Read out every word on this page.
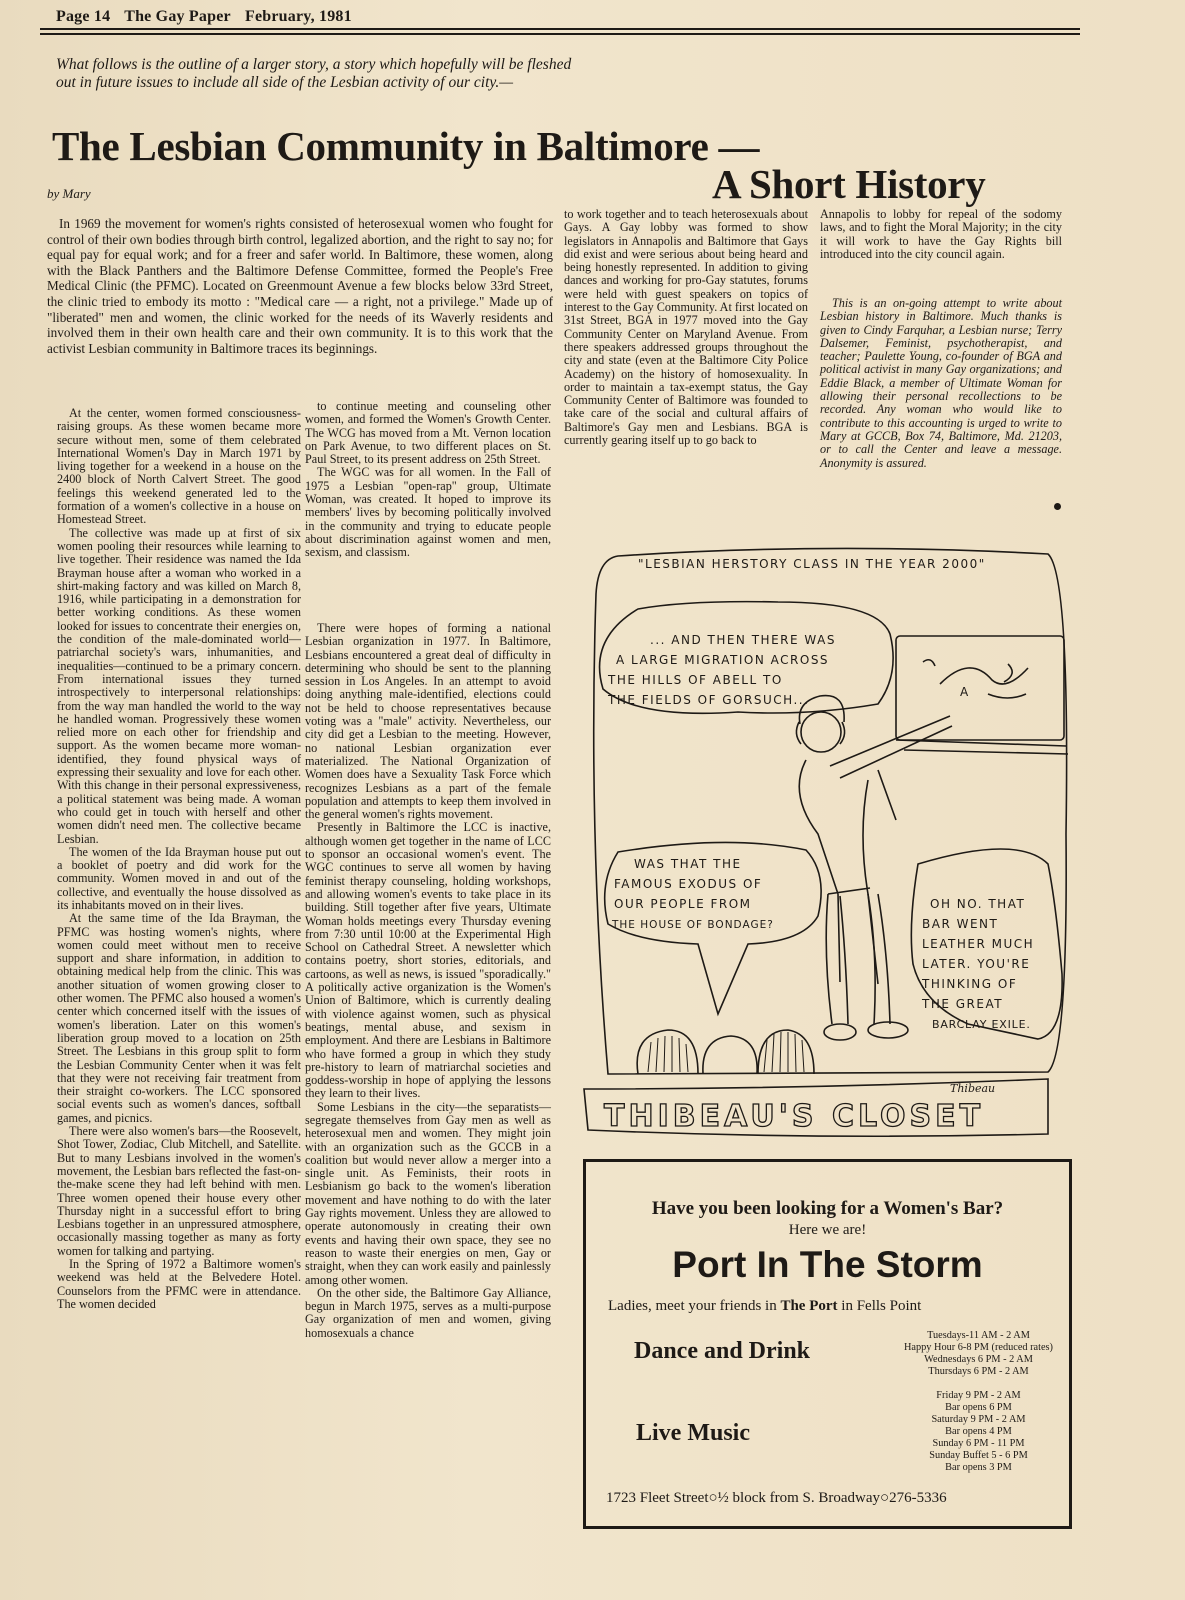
Page 14 The Gay Paper February, 1981
What follows is the outline of a larger story, a story which hopefully will be fleshed out in future issues to include all side of the Lesbian activity of our city.—
The Lesbian Community in Baltimore —
A Short History
by Mary

In 1969 the movement for women's rights consisted of heterosexual women who fought for control of their own bodies through birth control, legalized abortion, and the right to say no; for equal pay for equal work; and for a freer and safer world. In Baltimore, these women, along with the Black Panthers and the Baltimore Defense Committee, formed the People's Free Medical Clinic (the PFMC). Located on Greenmount Avenue a few blocks below 33rd Street, the clinic tried to embody its motto : "Medical care — a right, not a privilege." Made up of "liberated" men and women, the clinic worked for the needs of its Waverly residents and involved them in their own health care and their own community. It is to this work that the activist Lesbian community in Baltimore traces its beginnings.

At the center, women formed consciousness-raising groups. As these women became more secure without men, some of them celebrated International Women's Day in March 1971 by living together for a weekend in a house on the 2400 block of North Calvert Street. The good feelings this weekend generated led to the formation of a women's collective in a house on Homestead Street.

The collective was made up at first of six women pooling their resources while learning to live together. Their residence was named the Ida Brayman house after a woman who worked in a shirt-making factory and was killed on March 8, 1916, while participating in a demonstration for better working conditions. As these women looked for issues to concentrate their energies on, the condition of the male-dominated world—patriarchal society's wars, inhumanities, and inequalities—continued to be a primary concern. From international issues they turned introspectively to interpersonal relationships: from the way man handled the world to the way he handled woman. Progressively these women relied more on each other for friendship and support. As the women became more woman-identified, they found physical ways of expressing their sexuality and love for each other. With this change in their personal expressiveness, a political statement was being made. A woman who could get in touch with herself and other women didn't need men. The collective became Lesbian.

The women of the Ida Brayman house put out a booklet of poetry and did work for the community. Women moved in and out of the collective, and eventually the house dissolved as its inhabitants moved on in their lives.

At the same time of the Ida Brayman, the PFMC was hosting women's nights, where women could meet without men to receive support and share information, in addition to obtaining medical help from the clinic. This was another situation of women growing closer to other women. The PFMC also housed a women's center which concerned itself with the issues of women's liberation. Later on this women's liberation group moved to a location on 25th Street. The Lesbians in this group split to form the Lesbian Community Center when it was felt that they were not receiving fair treatment from their straight co-workers. The LCC sponsored social events such as women's dances, softball games, and picnics.

There were also women's bars—the Roosevelt, Shot Tower, Zodiac, Club Mitchell, and Satellite. But to many Lesbians involved in the women's movement, the Lesbian bars reflected the fast-on-the-make scene they had left behind with men. Three women opened their house every other Thursday night in a successful effort to bring Lesbians together in an unpressured atmosphere, occasionally massing together as many as forty women for talking and partying.

In the Spring of 1972 a Baltimore women's weekend was held at the Belvedere Hotel. Counselors from the PFMC were in attendance. The women decided

to continue meeting and counseling other women, and formed the Women's Growth Center. The WCG has moved from a Mt. Vernon location on Park Avenue, to two different places on St. Paul Street, to its present address on 25th Street.

The WGC was for all women. In the Fall of 1975 a Lesbian "open-rap" group, Ultimate Woman, was created. It hoped to improve its members' lives by becoming politically involved in the community and trying to educate people about discrimination against women and men, sexism, and classism.

There were hopes of forming a national Lesbian organization in 1977. In Baltimore, Lesbians encountered a great deal of difficulty in determining who should be sent to the planning session in Los Angeles. In an attempt to avoid doing anything male-identified, elections could not be held to choose representatives because voting was a "male" activity. Nevertheless, our city did get a Lesbian to the meeting. However, no national Lesbian organization ever materialized. The National Organization of Women does have a Sexuality Task Force which recognizes Lesbians as a part of the female population and attempts to keep them involved in the general women's rights movement.

Presently in Baltimore the LCC is inactive, although women get together in the name of LCC to sponsor an occasional women's event. The WGC continues to serve all women by having feminist therapy counseling, holding workshops, and allowing women's events to take place in its building. Still together after five years, Ultimate Woman holds meetings every Thursday evening from 7:30 until 10:00 at the Experimental High School on Cathedral Street. A newsletter which contains poetry, short stories, editorials, and cartoons, as well as news, is issued "sporadically." A politically active organization is the Women's Union of Baltimore, which is currently dealing with violence against women, such as physical beatings, mental abuse, and sexism in employment. And there are Lesbians in Baltimore who have formed a group in which they study pre-history to learn of matriarchal societies and goddess-worship in hope of applying the lessons they learn to their lives.

Some Lesbians in the city—the separatists—segregate themselves from Gay men as well as heterosexual men and women. They might join with an organization such as the GCCB in a coalition but would never allow a merger into a single unit. As Feminists, their roots in Lesbianism go back to the women's liberation movement and have nothing to do with the later Gay rights movement. Unless they are allowed to operate autonomously in creating their own events and having their own space, they see no reason to waste their energies on men, Gay or straight, when they can work easily and painlessly among other women.

On the other side, the Baltimore Gay Alliance, begun in March 1975, serves as a multi-purpose Gay organization of men and women, giving homosexuals a chance

to work together and to teach heterosexuals about Gays. A Gay lobby was formed to show legislators in Annapolis and Baltimore that Gays did exist and were serious about being heard and being honestly represented. In addition to giving dances and working for pro-Gay statutes, forums were held with guest speakers on topics of interest to the Gay Community. At first located on 31st Street, BGA in 1977 moved into the Gay Community Center on Maryland Avenue. From there speakers addressed groups throughout the city and state (even at the Baltimore City Police Academy) on the history of homosexuality. In order to maintain a tax-exempt status, the Gay Community Center of Baltimore was founded to take care of the social and cultural affairs of Baltimore's Gay men and Lesbians. BGA is currently gearing itself up to go back to

Annapolis to lobby for repeal of the sodomy laws, and to fight the Moral Majority; in the city it will work to have the Gay Rights bill introduced into the city council again.

This is an on-going attempt to write about Lesbian history in Baltimore. Much thanks is given to Cindy Farquhar, a Lesbian nurse; Terry Dalsemer, Feminist, psychotherapist, and teacher; Paulette Young, co-founder of BGA and political activist in many Gay organizations; and Eddie Black, a member of Ultimate Woman for allowing their personal recollections to be recorded. Any woman who would like to contribute to this accounting is urged to write to Mary at GCCB, Box 74, Baltimore, Md. 21203, or to call the Center and leave a message. Anonymity is assured.

"LESBIAN HERSTORY CLASS IN THE YEAR 2000"
... AND THEN THERE WAS
A LARGE MIGRATION ACROSS
THE HILLS OF ABELL TO
THE FIELDS OF GORSUCH...
WAS THAT THE
FAMOUS EXODUS OF
OUR PEOPLE FROM
THE HOUSE OF BONDAGE?
OH NO. THAT
BAR WENT
LEATHER MUCH
LATER. YOU'RE
THINKING OF
THE GREAT
BARCLAY EXILE.
A
Thibeau
THIBEAU'S CLOSET
Have you been looking for a Women's Bar?
Here we are!
Port In The Storm
Ladies, meet your friends in The Port in Fells Point
Dance and Drink
Live Music
Tuesdays-11 AM - 2 AM
Happy Hour 6-8 PM (reduced rates)
Wednesdays 6 PM - 2 AM
Thursdays 6 PM - 2 AM
Friday 9 PM - 2 AM
Bar opens 6 PM
Saturday 9 PM - 2 AM
Bar opens 4 PM
Sunday 6 PM - 11 PM
Sunday Buffet 5 - 6 PM
Bar opens 3 PM
1723 Fleet Street○½ block from S. Broadway○276-5336
